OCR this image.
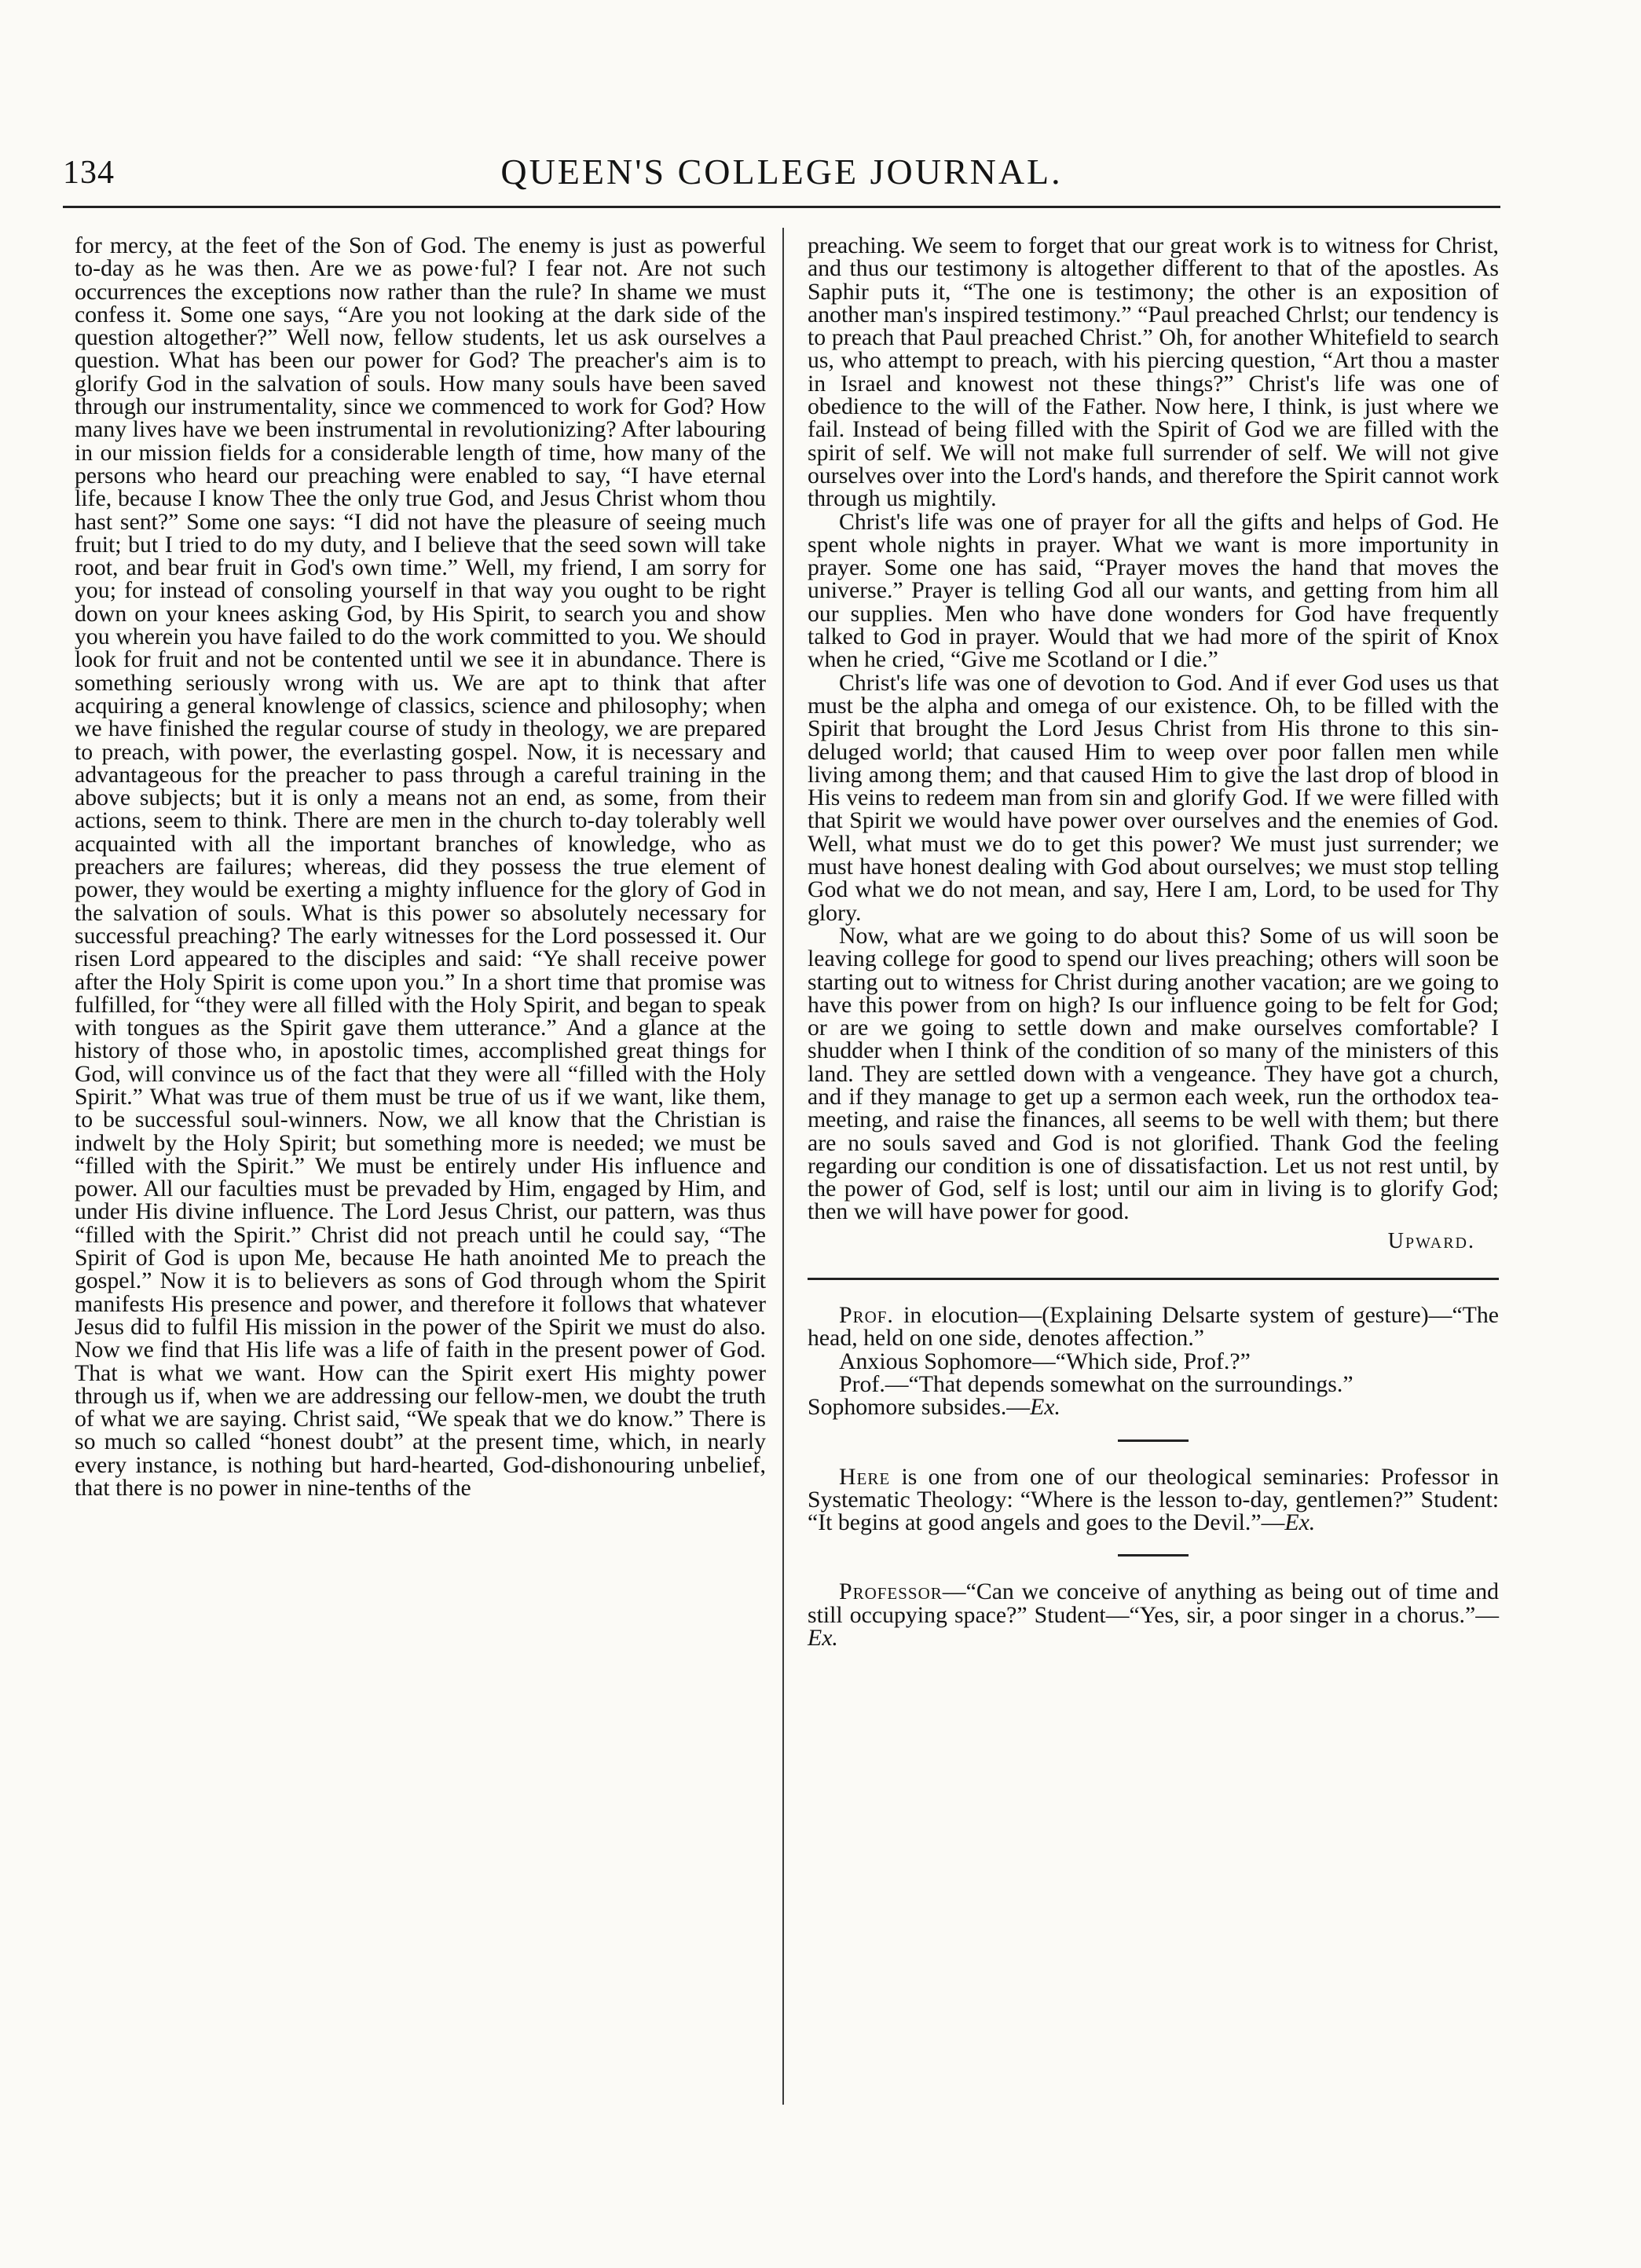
134	QUEEN'S COLLEGE JOURNAL.

for mercy, at the feet of the Son of God. The enemy is just as powerful to-day as he was then. Are we as powe·ful? I fear not. Are not such occurrences the exceptions now rather than the rule? In shame we must confess it. Some one says, “Are you not looking at the dark side of the question altogether?” Well now, fellow students, let us ask ourselves a question. What has been our power for God? The preacher's aim is to glorify God in the salvation of souls. How many souls have been saved through our instrumentality, since we commenced to work for God? How many lives have we been instrumental in revolutionizing? After labouring in our mission fields for a considerable length of time, how many of the persons who heard our preaching were enabled to say, “I have eternal life, because I know Thee the only true God, and Jesus Christ whom thou hast sent?” Some one says: “I did not have the pleasure of seeing much fruit; but I tried to do my duty, and I believe that the seed sown will take root, and bear fruit in God's own time.” Well, my friend, I am sorry for you; for instead of consoling yourself in that way you ought to be right down on your knees asking God, by His Spirit, to search you and show you wherein you have failed to do the work committed to you. We should look for fruit and not be contented until we see it in abundance. There is something seriously wrong with us. We are apt to think that after acquiring a general knowlenge of classics, science and philosophy; when we have finished the regular course of study in theology, we are prepared to preach, with power, the everlasting gospel. Now, it is necessary and advantageous for the preacher to pass through a careful training in the above subjects; but it is only a means not an end, as some, from their actions, seem to think. There are men in the church to-day tolerably well acquainted with all the important branches of knowledge, who as preachers are failures; whereas, did they possess the true element of power, they would be exerting a mighty influence for the glory of God in the salvation of souls. What is this power so absolutely necessary for successful preaching? The early witnesses for the Lord possessed it. Our risen Lord appeared to the disciples and said: “Ye shall receive power after the Holy Spirit is come upon you.” In a short time that promise was fulfilled, for “they were all filled with the Holy Spirit, and began to speak with tongues as the Spirit gave them utterance.” And a glance at the history of those who, in apostolic times, accomplished great things for God, will convince us of the fact that they were all “filled with the Holy Spirit.” What was true of them must be true of us if we want, like them, to be successful soul-winners. Now, we all know that the Christian is indwelt by the Holy Spirit; but something more is needed; we must be “filled with the Spirit.” We must be entirely under His influence and power. All our faculties must be prevaded by Him, engaged by Him, and under His divine influence. The Lord Jesus Christ, our pattern, was thus “filled with the Spirit.” Christ did not preach until he could say, “The Spirit of God is upon Me, because He hath anointed Me to preach the gospel.” Now it is to believers as sons of God through whom the Spirit manifests His presence and power, and therefore it follows that whatever Jesus did to fulfil His mission in the power of the Spirit we must do also. Now we find that His life was a life of faith in the present power of God. That is what we want. How can the Spirit exert His mighty power through us if, when we are addressing our fellow-men, we doubt the truth of what we are saying. Christ said, “We speak that we do know.” There is so much so called “honest doubt” at the present time, which, in nearly every instance, is nothing but hard-hearted, God-dishonouring unbelief, that there is no power in nine-tenths of the

preaching. We seem to forget that our great work is to witness for Christ, and thus our testimony is altogether different to that of the apostles. As Saphir puts it, “The one is testimony; the other is an exposition of another man's inspired testimony.” “Paul preached Chrlst; our tendency is to preach that Paul preached Christ.” Oh, for another Whitefield to search us, who attempt to preach, with his piercing question, “Art thou a master in Israel and knowest not these things?” Christ's life was one of obedience to the will of the Father. Now here, I think, is just where we fail. Instead of being filled with the Spirit of God we are filled with the spirit of self. We will not make full surrender of self. We will not give ourselves over into the Lord's hands, and therefore the Spirit cannot work through us mightily.

Christ's life was one of prayer for all the gifts and helps of God. He spent whole nights in prayer. What we want is more importunity in prayer. Some one has said, “Prayer moves the hand that moves the universe.” Prayer is telling God all our wants, and getting from him all our supplies. Men who have done wonders for God have frequently talked to God in prayer. Would that we had more of the spirit of Knox when he cried, “Give me Scotland or I die.”

Christ's life was one of devotion to God. And if ever God uses us that must be the alpha and omega of our existence. Oh, to be filled with the Spirit that brought the Lord Jesus Christ from His throne to this sin-deluged world; that caused Him to weep over poor fallen men while living among them; and that caused Him to give the last drop of blood in His veins to redeem man from sin and glorify God. If we were filled with that Spirit we would have power over ourselves and the enemies of God. Well, what must we do to get this power? We must just surrender; we must have honest dealing with God about ourselves; we must stop telling God what we do not mean, and say, Here I am, Lord, to be used for Thy glory.

Now, what are we going to do about this? Some of us will soon be leaving college for good to spend our lives preaching; others will soon be starting out to witness for Christ during another vacation; are we going to have this power from on high? Is our influence going to be felt for God; or are we going to settle down and make ourselves comfortable? I shudder when I think of the condition of so many of the ministers of this land. They are settled down with a vengeance. They have got a church, and if they manage to get up a sermon each week, run the orthodox tea-meeting, and raise the finances, all seems to be well with them; but there are no souls saved and God is not glorified. Thank God the feeling regarding our condition is one of dissatisfaction. Let us not rest until, by the power of God, self is lost; until our aim in living is to glorify God; then we will have power for good.

Upward.

Prof. in elocution—(Explaining Delsarte system of gesture)—“The head, held on one side, denotes affection.”

Anxious Sophomore—“Which side, Prof.?”

Prof.—“That depends somewhat on the surroundings.”

Sophomore subsides.—Ex.

Here is one from one of our theological seminaries: Professor in Systematic Theology: “Where is the lesson to-day, gentlemen?” Student: “It begins at good angels and goes to the Devil.”—Ex.

Professor—“Can we conceive of anything as being out of time and still occupying space?” Student—“Yes, sir, a poor singer in a chorus.”—Ex.
